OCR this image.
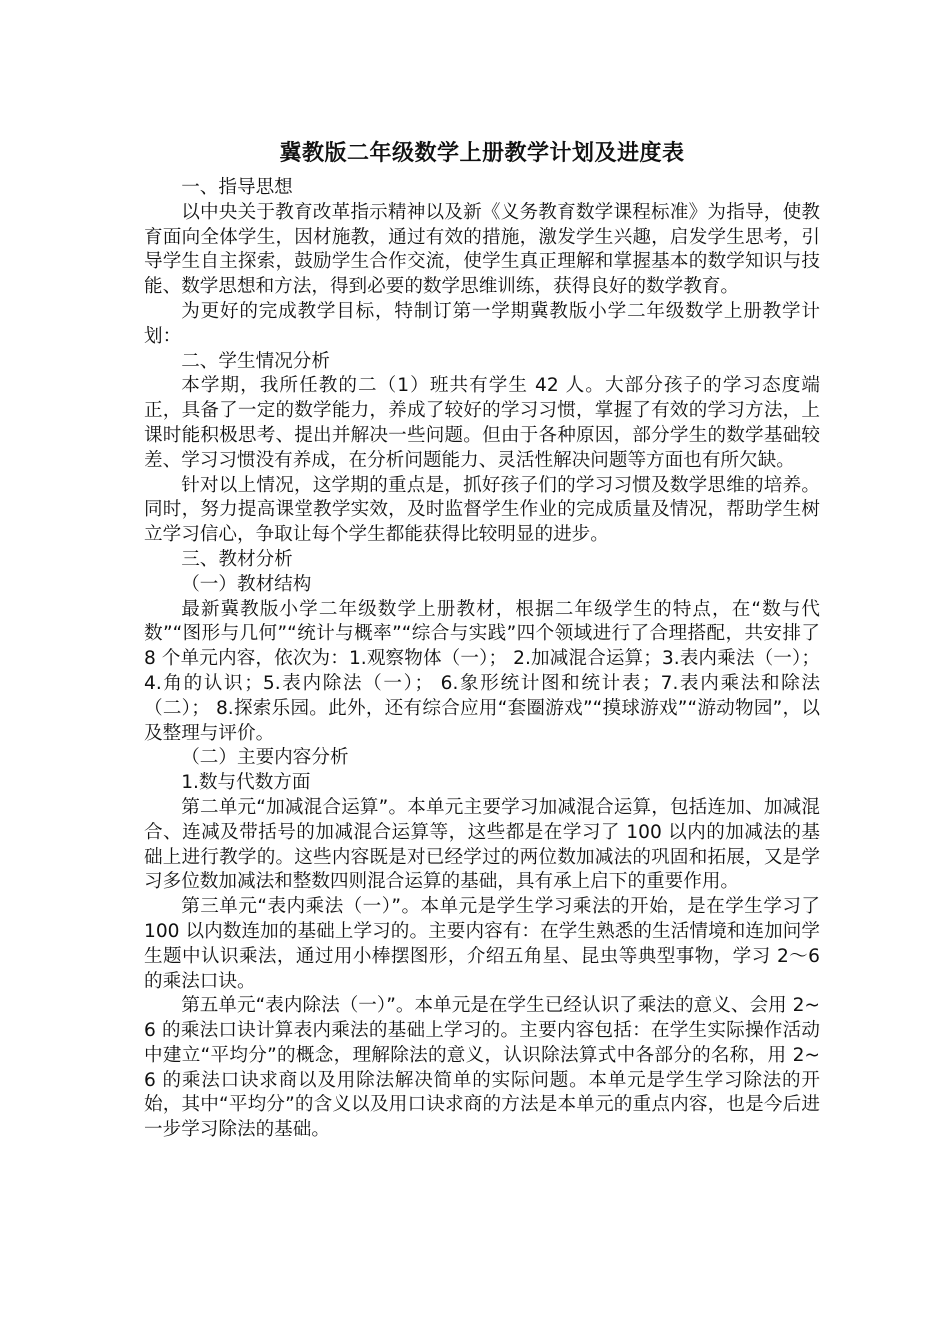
冀教版二年级数学上册教学计划及进度表
一、指导思想
以中央关于教育改革指示精神以及新《义务教育数学课程标准》为指导，使教育面向全体学生，因材施教，通过有效的措施，激发学生兴趣，启发学生思考，引导学生自主探索，鼓励学生合作交流，使学生真正理解和掌握基本的数学知识与技能、数学思想和方法，得到必要的数学思维训练，获得良好的数学教育。
为更好的完成教学目标，特制订第一学期冀教版小学二年级数学上册教学计划：
二、学生情况分析
本学期，我所任教的二（1）班共有学生 42 人。大部分孩子的学习态度端正，具备了一定的数学能力，养成了较好的学习习惯，掌握了有效的学习方法，上课时能积极思考、提出并解决一些问题。但由于各种原因，部分学生的数学基础较差、学习习惯没有养成，在分析问题能力、灵活性解决问题等方面也有所欠缺。
针对以上情况，这学期的重点是，抓好孩子们的学习习惯及数学思维的培养。同时，努力提高课堂教学实效，及时监督学生作业的完成质量及情况，帮助学生树立学习信心，争取让每个学生都能获得比较明显的进步。
三、教材分析
（一）教材结构
最新冀教版小学二年级数学上册教材，根据二年级学生的特点，在“数与代数”“图形与几何”“统计与概率”“综合与实践”四个领域进行了合理搭配，共安排了 8 个单元内容，依次为：1.观察物体（一）； 2.加减混合运算；3.表内乘法（一）； 4.角的认识；5.表内除法（一）； 6.象形统计图和统计表；7.表内乘法和除法（二）； 8.探索乐园。此外，还有综合应用“套圈游戏”“摸球游戏”“游动物园”，以及整理与评价。
（二）主要内容分析
1.数与代数方面
第二单元“加减混合运算”。本单元主要学习加减混合运算，包括连加、加减混合、连减及带括号的加减混合运算等，这些都是在学习了 100 以内的加减法的基础上进行教学的。这些内容既是对已经学过的两位数加减法的巩固和拓展，又是学习多位数加减法和整数四则混合运算的基础，具有承上启下的重要作用。
第三单元“表内乘法（一）”。本单元是学生学习乘法的开始，是在学生学习了 100 以内数连加的基础上学习的。主要内容有：在学生熟悉的生活情境和连加问学生题中认识乘法，通过用小棒摆图形，介绍五角星、昆虫等典型事物，学习 2～6 的乘法口诀。
第五单元“表内除法（一）”。本单元是在学生已经认识了乘法的意义、会用 2~6 的乘法口诀计算表内乘法的基础上学习的。主要内容包括：在学生实际操作活动中建立“平均分”的概念，理解除法的意义，认识除法算式中各部分的名称，用 2~6 的乘法口诀求商以及用除法解决简单的实际问题。本单元是学生学习除法的开始，其中“平均分”的含义以及用口诀求商的方法是本单元的重点内容，也是今后进一步学习除法的基础。
